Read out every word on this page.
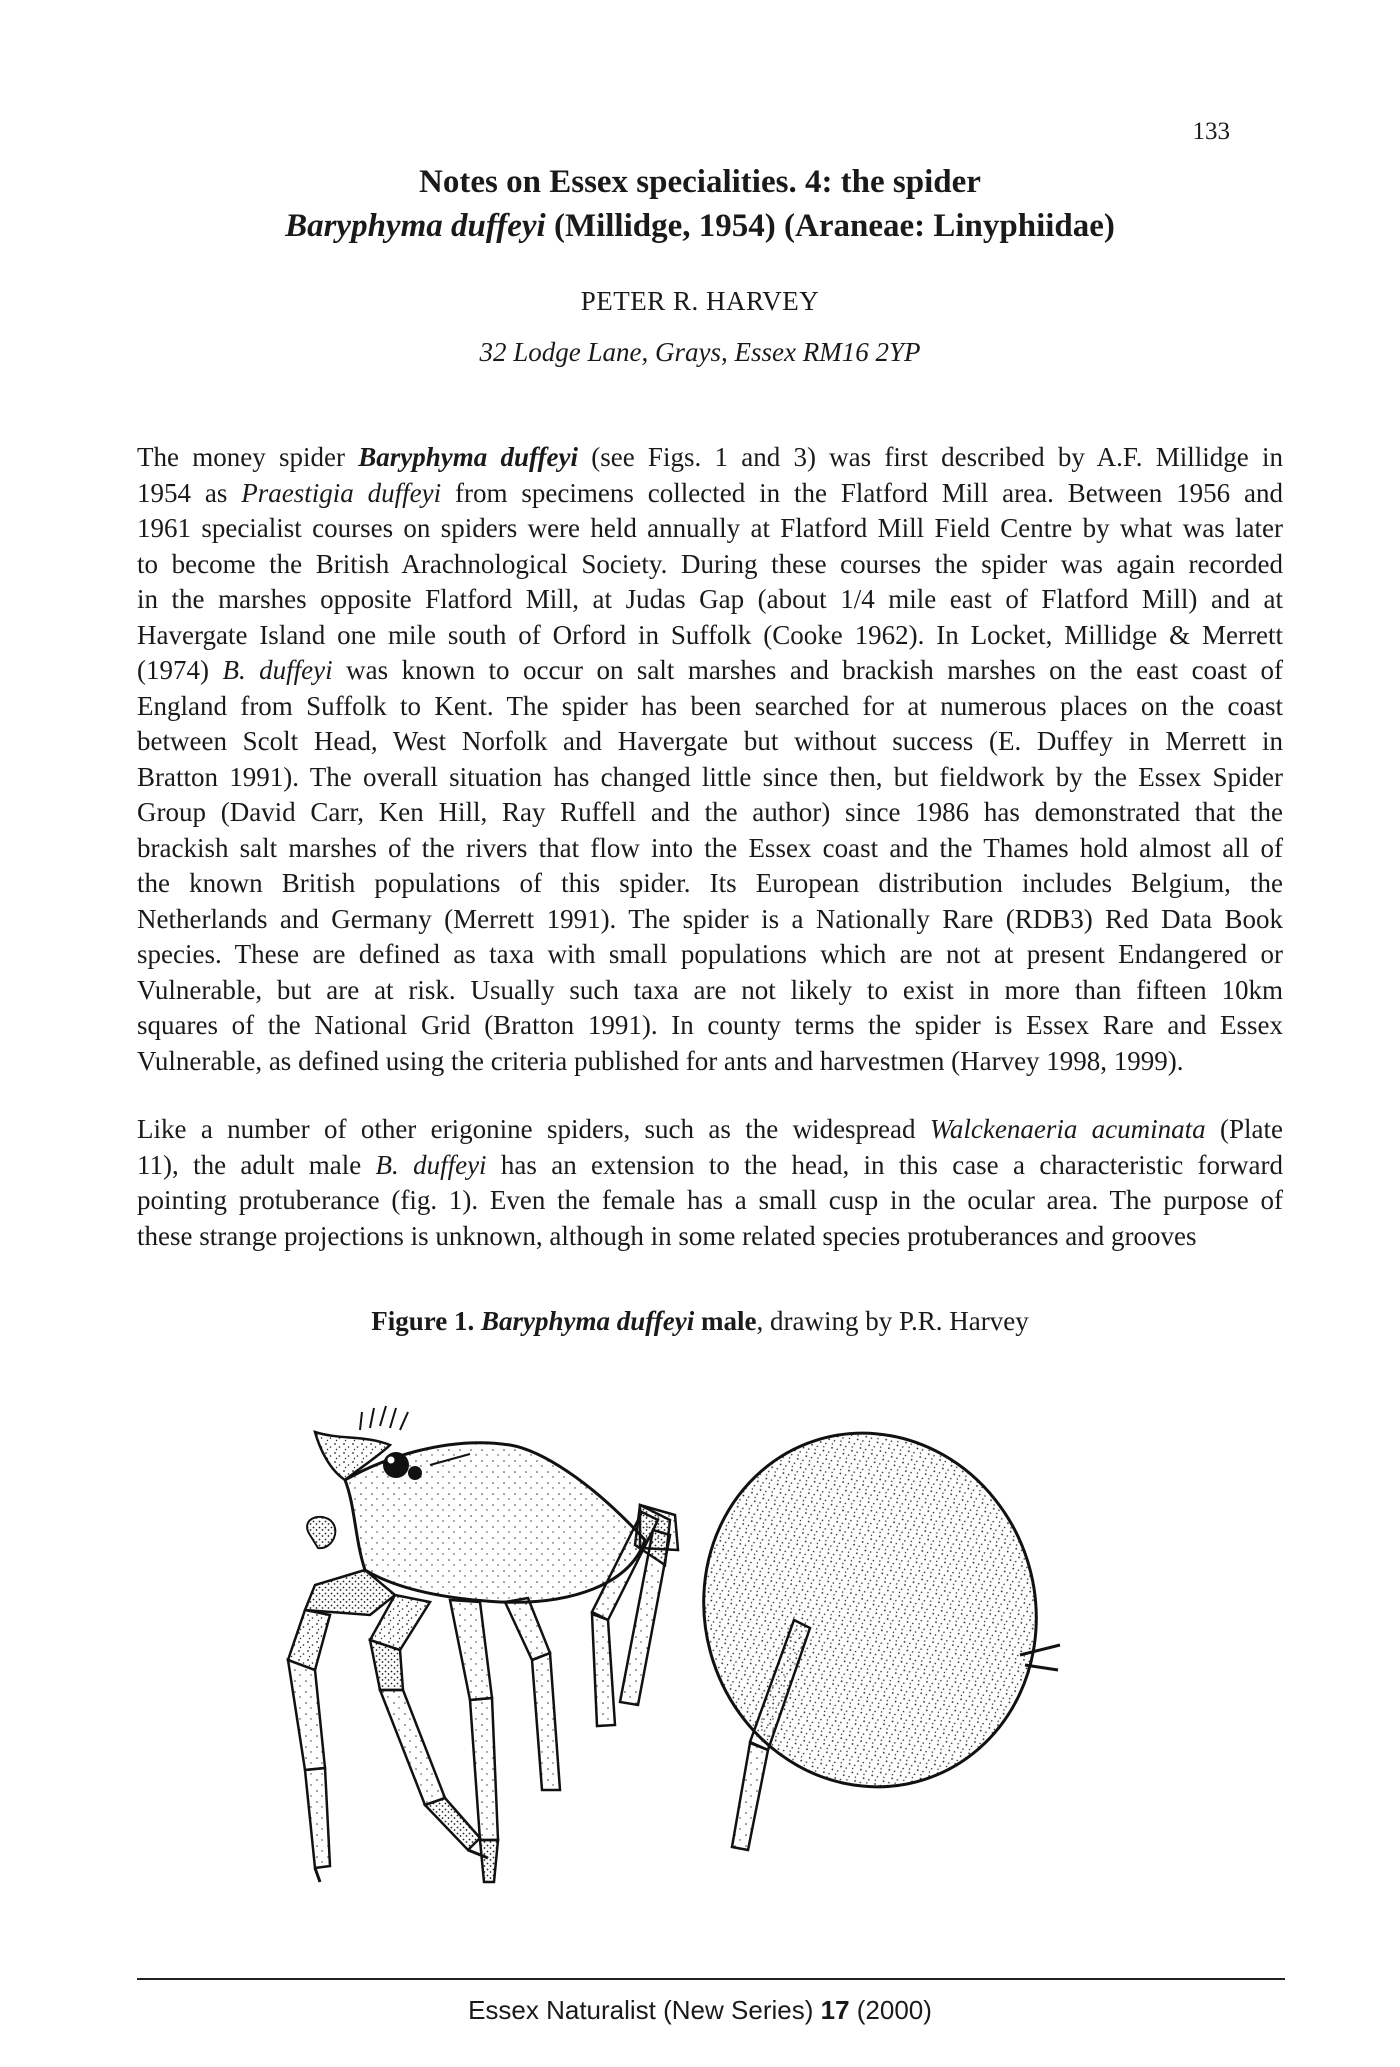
133
Notes on Essex specialities. 4: the spider
Baryphyma duffeyi (Millidge, 1954) (Araneae: Linyphiidae)
PETER R. HARVEY
32 Lodge Lane, Grays, Essex RM16 2YP
The money spider Baryphyma duffeyi (see Figs. 1 and 3) was first described by A.F. Millidge in
1954 as Praestigia duffeyi from specimens collected in the Flatford Mill area. Between 1956 and
1961 specialist courses on spiders were held annually at Flatford Mill Field Centre by what was later
to become the British Arachnological Society. During these courses the spider was again recorded
in the marshes opposite Flatford Mill, at Judas Gap (about 1/4 mile east of Flatford Mill) and at
Havergate Island one mile south of Orford in Suffolk (Cooke 1962). In Locket, Millidge & Merrett
(1974) B. duffeyi was known to occur on salt marshes and brackish marshes on the east coast of
England from Suffolk to Kent. The spider has been searched for at numerous places on the coast
between Scolt Head, West Norfolk and Havergate but without success (E. Duffey in Merrett in
Bratton 1991). The overall situation has changed little since then, but fieldwork by the Essex Spider
Group (David Carr, Ken Hill, Ray Ruffell and the author) since 1986 has demonstrated that the
brackish salt marshes of the rivers that flow into the Essex coast and the Thames hold almost all of
the known British populations of this spider. Its European distribution includes Belgium, the
Netherlands and Germany (Merrett 1991). The spider is a Nationally Rare (RDB3) Red Data Book
species. These are defined as taxa with small populations which are not at present Endangered or
Vulnerable, but are at risk. Usually such taxa are not likely to exist in more than fifteen 10km
squares of the National Grid (Bratton 1991). In county terms the spider is Essex Rare and Essex
Vulnerable, as defined using the criteria published for ants and harvestmen (Harvey 1998, 1999).
Like a number of other erigonine spiders, such as the widespread Walckenaeria acuminata (Plate
11), the adult male B. duffeyi has an extension to the head, in this case a characteristic forward
pointing protuberance (fig. 1). Even the female has a small cusp in the ocular area. The purpose of
these strange projections is unknown, although in some related species protuberances and grooves
Figure 1. Baryphyma duffeyi male, drawing by P.R. Harvey
Essex Naturalist (New Series) 17 (2000)
